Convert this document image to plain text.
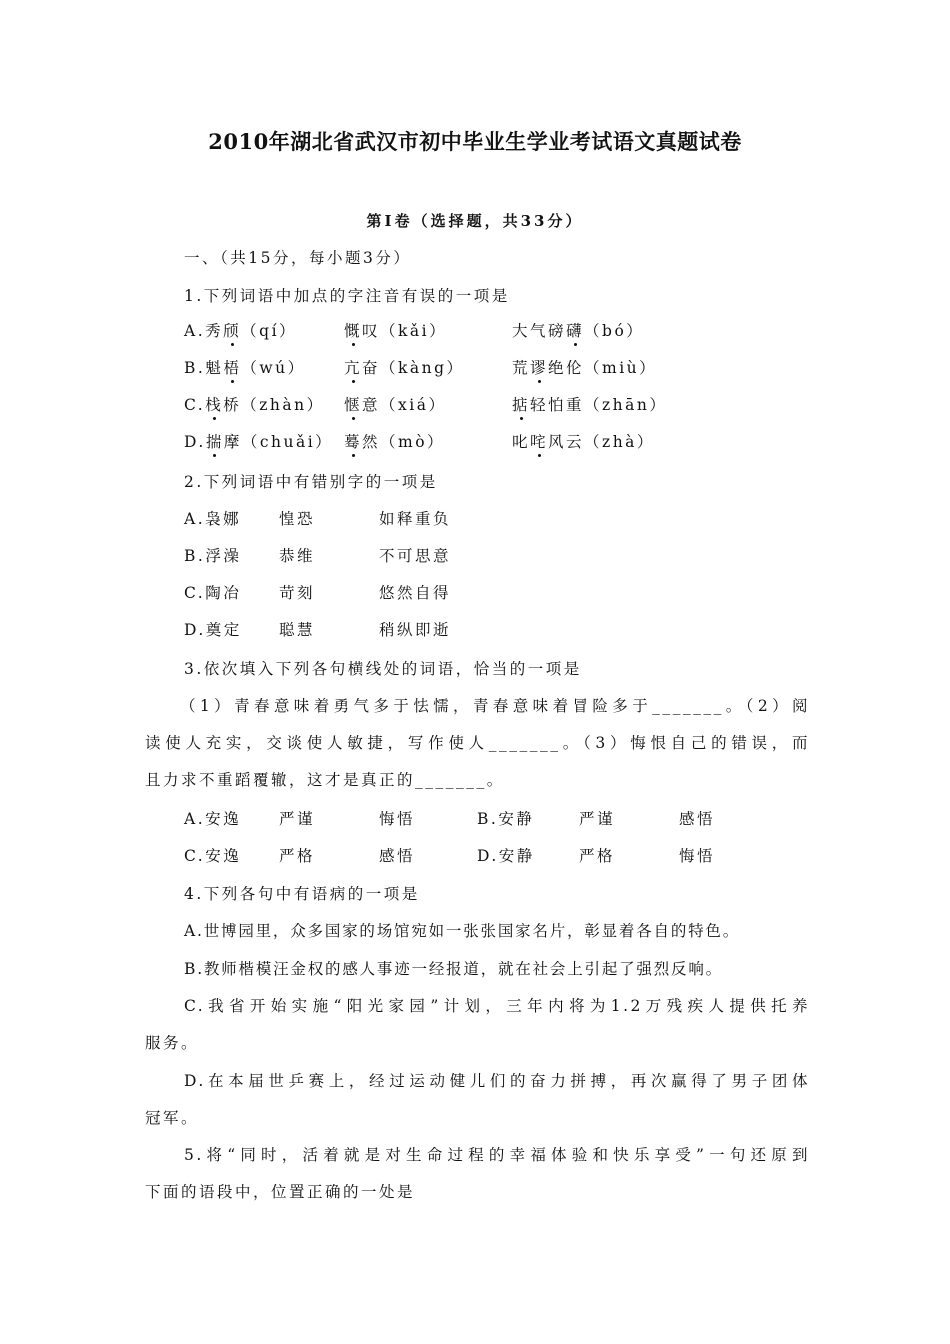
2010年湖北省武汉市初中毕业生学业考试语文真题试卷
第Ⅰ卷（选择题，共33分）
一、（共15分，每小题3分）
1.下列词语中加点的字注音有误的一项是
A.秀颀（qí）	慨叹（kǎi）	大气磅礴（bó）
B.魁梧（wú） 亢奋（kàng）	荒谬绝伦（miù）
C.栈桥（zhàn） 惬意（xiá）	掂轻怕重（zhān）
D.揣摩（chuǎi） 蓦然（mò）	叱咤风云（zhà）
2.下列词语中有错别字的一项是
A.袅娜 惶恐	如释重负
B.浮澡 恭维	不可思意
C.陶冶 苛刻	悠然自得
D.奠定 聪慧	稍纵即逝
3.依次填入下列各句横线处的词语，恰当的一项是
（1）青春意味着勇气多于怯懦，青春意味着冒险多于_______。（2）阅
读使人充实，交谈使人敏捷，写作使人_______。（3）悔恨自己的错误，而
且力求不重蹈覆辙，这才是真正的_______。
A.安逸 严谨	悔悟	B.安静	严谨	感悟
C.安逸 严格	感悟	D.安静	严格	悔悟
4.下列各句中有语病的一项是
A.世博园里，众多国家的场馆宛如一张张国家名片，彰显着各自的特色。
B.教师楷模汪金权的感人事迹一经报道，就在社会上引起了强烈反响。
C.我省开始实施“阳光家园”计划，三年内将为1.2万残疾人提供托养
服务。
D.在本届世乒赛上，经过运动健儿们的奋力拼搏，再次赢得了男子团体
冠军。
5.将“同时，活着就是对生命过程的幸福体验和快乐享受”一句还原到
下面的语段中，位置正确的一处是
